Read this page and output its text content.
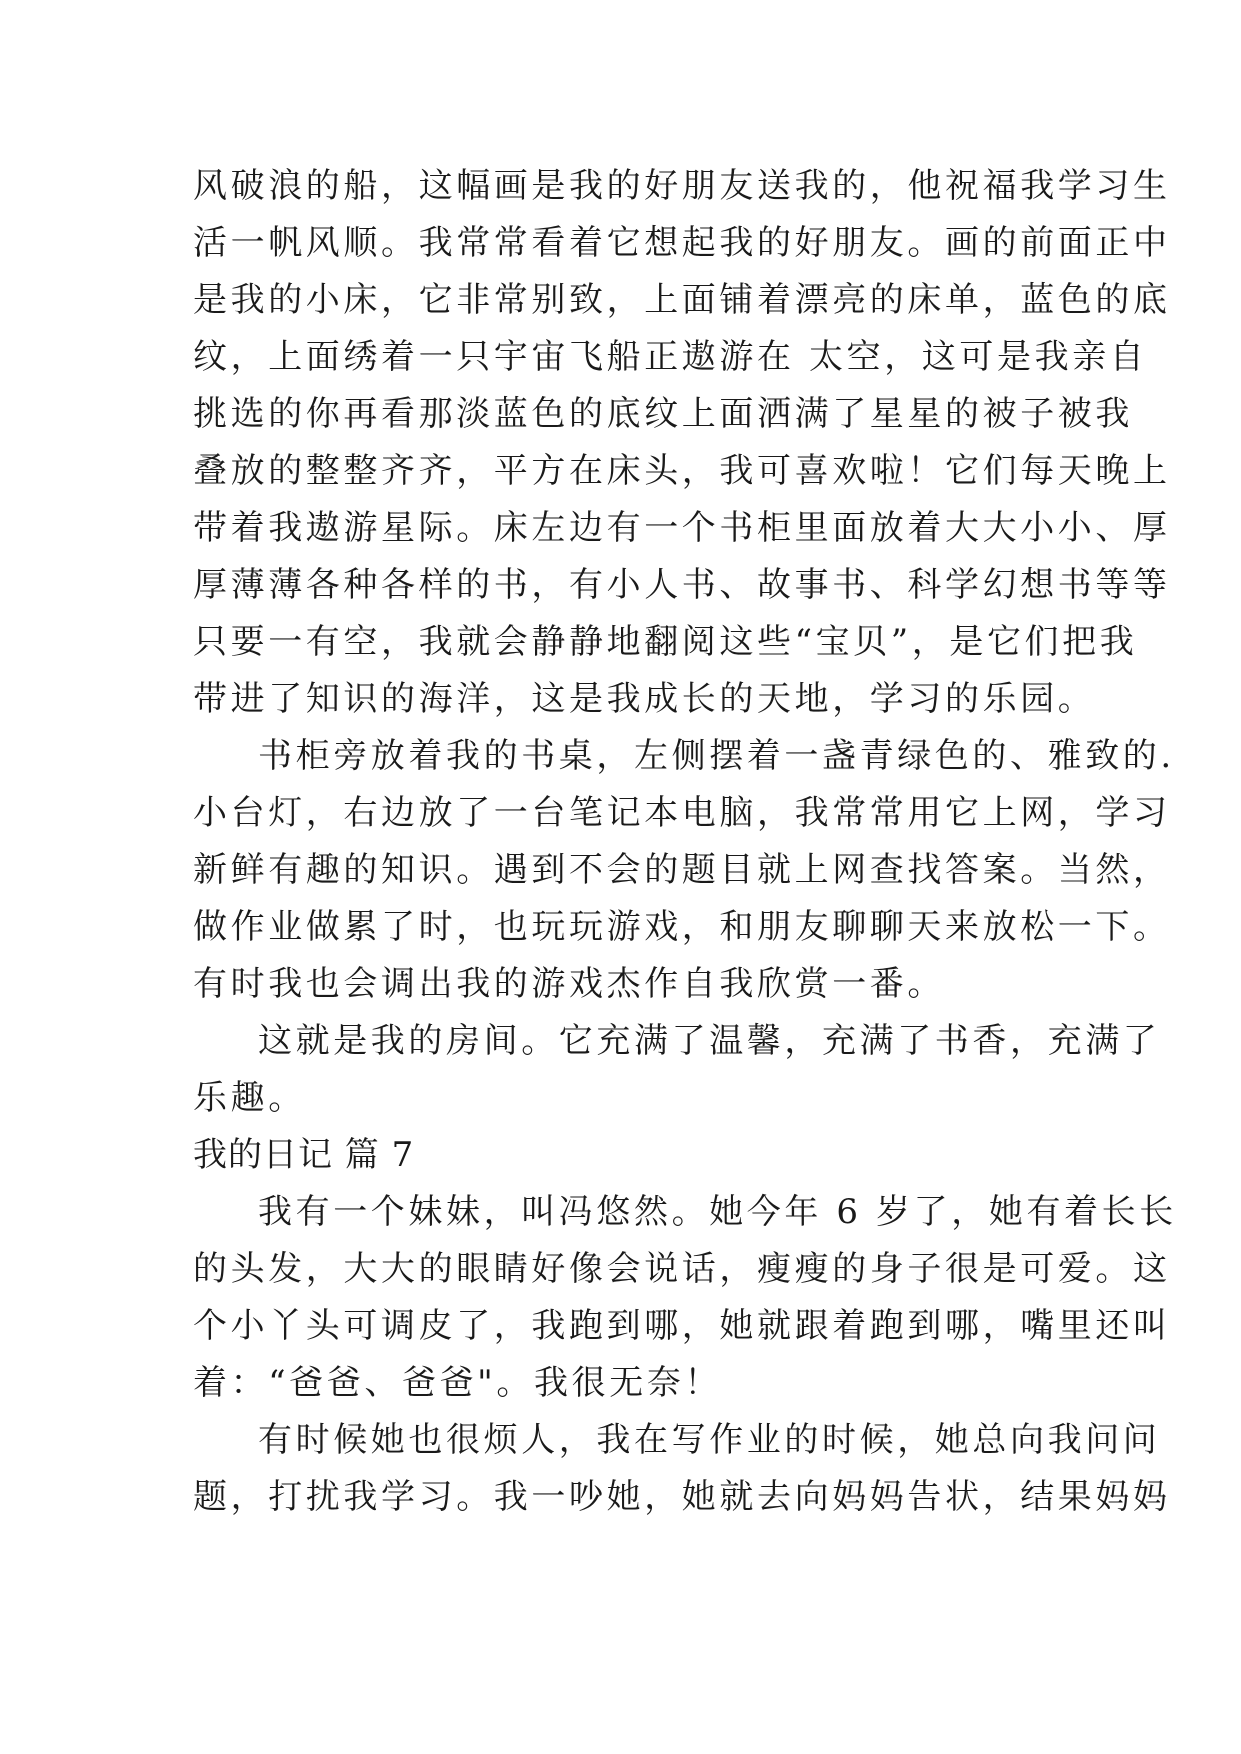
风破浪的船，这幅画是我的好朋友送我的，他祝福我学习生
活一帆风顺。我常常看着它想起我的好朋友。画的前面正中
是我的小床，它非常别致，上面铺着漂亮的床单，蓝色的底
纹，上面绣着一只宇宙飞船正遨游在 太空，这可是我亲自
挑选的你再看那淡蓝色的底纹上面洒满了星星的被子被我
叠放的整整齐齐，平方在床头，我可喜欢啦！它们每天晚上
带着我遨游星际。床左边有一个书柜里面放着大大小小、厚
厚薄薄各种各样的书，有小人书、故事书、科学幻想书等等
只要一有空，我就会静静地翻阅这些“宝贝”，是它们把我
带进了知识的海洋，这是我成长的天地，学习的乐园。
书柜旁放着我的书桌，左侧摆着一盏青绿色的、雅致的.
小台灯，右边放了一台笔记本电脑，我常常用它上网，学习
新鲜有趣的知识。遇到不会的题目就上网查找答案。当然，
做作业做累了时，也玩玩游戏，和朋友聊聊天来放松一下。
有时我也会调出我的游戏杰作自我欣赏一番。
这就是我的房间。它充满了温馨，充满了书香，充满了
乐趣。
我的日记 篇 7
我有一个妹妹，叫冯悠然。她今年 6 岁了，她有着长长
的头发，大大的眼睛好像会说话，瘦瘦的身子很是可爱。这
个小丫头可调皮了，我跑到哪，她就跟着跑到哪，嘴里还叫
着：“爸爸、爸爸"。我很无奈！
有时候她也很烦人，我在写作业的时候，她总向我问问
题，打扰我学习。我一吵她，她就去向妈妈告状，结果妈妈
